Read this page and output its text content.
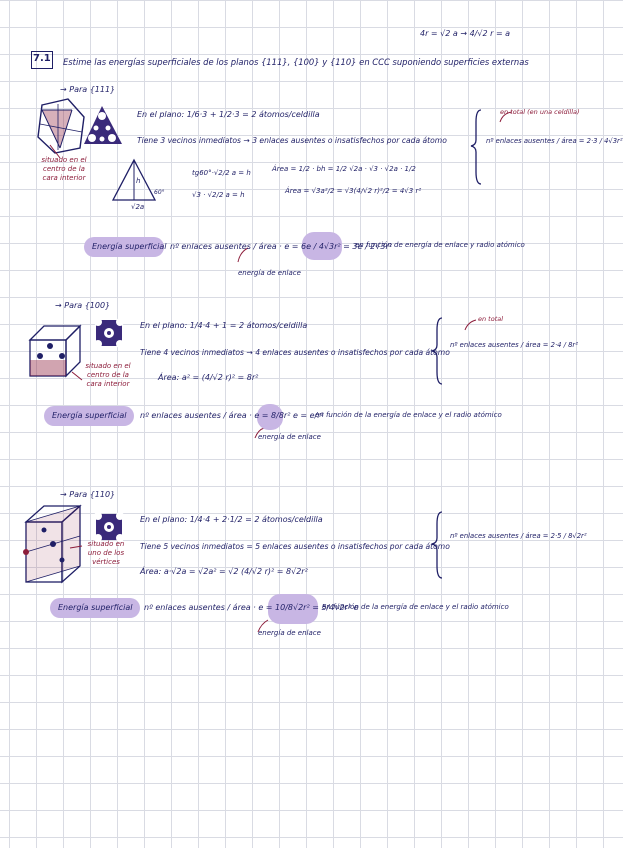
7.1 Estime las energías superficiales de los planos {111}, {100} y {110} en CCC suponiendo superficies externas
4r = √2 a → 4/√2 r = a
→ Para {111}
√2a
60°
h
situado en el centro de la cara interior
En el plano: 1/6·3 + 1/2·3 = 2 átomos/celdilla
Tiene 3 vecinos inmediatos → 3 enlaces ausentes o insatisfechos por cada átomo
tg60°·√2/2 a = h
√3 · √2/2 a = h
Área = 1/2 · bh = 1/2 √2a · √3 · √2a · 1/2
Área = √3a²/2 = √3(4/√2 r)²/2 = 4√3 r²
en total (en una celdilla)
nº enlaces ausentes / área = 2·3 / 4√3r²
Energía superficial nº enlaces ausentes / área · e = 6e / 4√3r² = 3e / 2√3r²
en función de energía de enlace y radio atómico
energía de enlace
→ Para {100}
situado en el centro de la cara interior
En el plano: 1/4·4 + 1 = 2 átomos/celdilla
Tiene 4 vecinos inmediatos → 4 enlaces ausentes o insatisfechos por cada átomo
Área: a² = (4/√2 r)² = 8r²
en total
nº enlaces ausentes / área = 2·4 / 8r²
Energía superficial nº enlaces ausentes / área · e = 8/8r² e = e/r²
en función de la energía de enlace y el radio atómico
energía de enlace
→ Para {110}
situado en uno de los vértices
En el plano: 1/4·4 + 2·1/2 = 2 átomos/celdilla
Tiene 5 vecinos inmediatos = 5 enlaces ausentes o insatisfechos por cada átomo
Área: a·√2a = √2a² = √2 (4/√2 r)² = 8√2r²
nº enlaces ausentes / área = 2·5 / 8√2r²
Energía superficial nº enlaces ausentes / área · e = 10/8√2r² = 5/4√2r² e
en función de la energía de enlace y el radio atómico
energía de enlace
